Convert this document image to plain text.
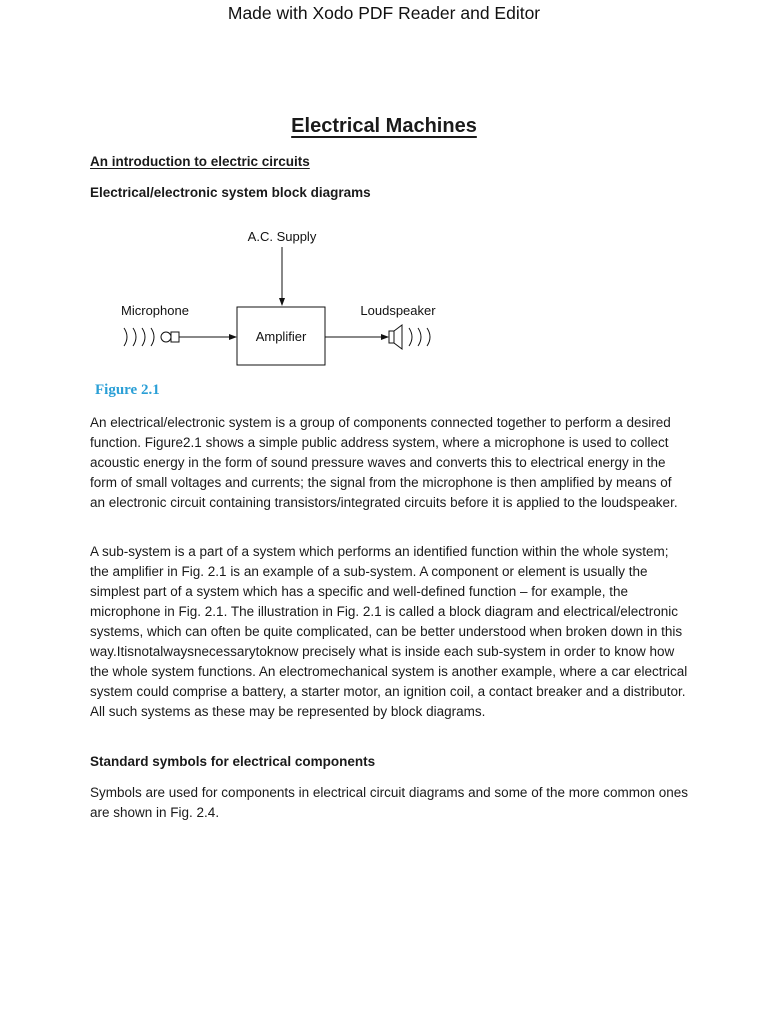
Made with Xodo PDF Reader and Editor
Electrical Machines
An introduction to electric circuits
Electrical/electronic system block diagrams
A.C. Supply
Microphone
Amplifier
Loudspeaker
Figure 2.1

An electrical/electronic system is a group of components connected together to perform a desired function. Figure2.1 shows a simple public address system, where a microphone is used to collect acoustic energy in the form of sound pressure waves and converts this to electrical energy in the form of small voltages and currents; the signal from the microphone is then amplified by means of an electronic circuit containing transistors/integrated circuits before it is applied to the loudspeaker.

A sub-system is a part of a system which performs an identified function within the whole system; the amplifier in Fig. 2.1 is an example of a sub-system. A component or element is usually the simplest part of a system which has a specific and well-defined function – for example, the microphone in Fig. 2.1. The illustration in Fig. 2.1 is called a block diagram and electrical/electronic systems, which can often be quite complicated, can be better understood when broken down in this way.Itisnotalwaysnecessarytoknow precisely what is inside each sub-system in order to know how the whole system functions. An electromechanical system is another example, where a car electrical system could comprise a battery, a starter motor, an ignition coil, a contact breaker and a distributor. All such systems as these may be represented by block diagrams.

Standard symbols for electrical components

Symbols are used for components in electrical circuit diagrams and some of the more common ones are shown in Fig. 2.4.
